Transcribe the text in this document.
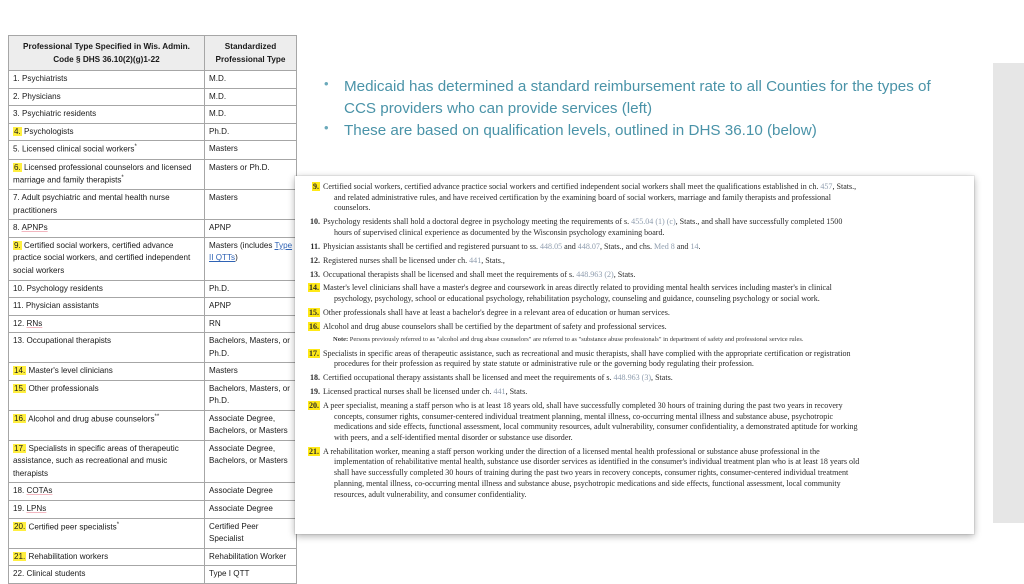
Professional Type Specified in Wis. Admin. Code § DHS 36.10(2)(g)1-22	Standardized Professional Type
1. Psychiatrists	M.D.
2. Physicians	M.D.
3. Psychiatric residents	M.D.
4. Psychologists	Ph.D.
5. Licensed clinical social workers*	Masters
6. Licensed professional counselors and licensed marriage and family therapists*	Masters or Ph.D.
7. Adult psychiatric and mental health nurse practitioners	Masters
8. APNPs	APNP
9. Certified social workers, certified advance practice social workers, and certified independent social workers	Masters (includes Type II QTTs)
10. Psychology residents	Ph.D.
11. Physician assistants	APNP
12. RNs	RN
13. Occupational therapists	Bachelors, Masters, or Ph.D.
14. Master's level clinicians	Masters
15. Other professionals	Bachelors, Masters, or Ph.D.
16. Alcohol and drug abuse counselors**	Associate Degree, Bachelors, or Masters
17. Specialists in specific areas of therapeutic assistance, such as recreational and music therapists	Associate Degree, Bachelors, or Masters
18. COTAs	Associate Degree
19. LPNs	Associate Degree
20. Certified peer specialists*	Certified Peer Specialist
21. Rehabilitation workers	Rehabilitation Worker
22. Clinical students	Type I QTT
• Medicaid has determined a standard reimbursement rate to all Counties for the types of CCS providers who can provide services (left)
• These are based on qualification levels, outlined in DHS 36.10 (below)
9. Certified social workers, certified advance practice social workers and certified independent social workers shall meet the qualifications established in ch. 457, Stats.,
and related administrative rules, and have received certification by the examining board of social workers, marriage and family therapists and professional
counselors.
10. Psychology residents shall hold a doctoral degree in psychology meeting the requirements of s. 455.04 (1) (c), Stats., and shall have successfully completed 1500
hours of supervised clinical experience as documented by the Wisconsin psychology examining board.
11. Physician assistants shall be certified and registered pursuant to ss. 448.05 and 448.07, Stats., and chs. Med 8 and 14.
12. Registered nurses shall be licensed under ch. 441, Stats.,
13. Occupational therapists shall be licensed and shall meet the requirements of s. 448.963 (2), Stats.
14. Master's level clinicians shall have a master's degree and coursework in areas directly related to providing mental health services including master's in clinical
psychology, psychology, school or educational psychology, rehabilitation psychology, counseling and guidance, counseling psychology or social work.
15. Other professionals shall have at least a bachelor's degree in a relevant area of education or human services.
16. Alcohol and drug abuse counselors shall be certified by the department of safety and professional services.
Note: Persons previously referred to as "alcohol and drug abuse counselors" are referred to as "substance abuse professionals" in department of safety and professional service rules.
17. Specialists in specific areas of therapeutic assistance, such as recreational and music therapists, shall have complied with the appropriate certification or registration
procedures for their profession as required by state statute or administrative rule or the governing body regulating their profession.
18. Certified occupational therapy assistants shall be licensed and meet the requirements of s. 448.963 (3), Stats.
19. Licensed practical nurses shall be licensed under ch. 441, Stats.
20. A peer specialist, meaning a staff person who is at least 18 years old, shall have successfully completed 30 hours of training during the past two years in recovery
concepts, consumer rights, consumer-centered individual treatment planning, mental illness, co-occurring mental illness and substance abuse, psychotropic
medications and side effects, functional assessment, local community resources, adult vulnerability, consumer confidentiality, a demonstrated aptitude for working
with peers, and a self-identified mental disorder or substance use disorder.
21. A rehabilitation worker, meaning a staff person working under the direction of a licensed mental health professional or substance abuse professional in the
implementation of rehabilitative mental health, substance use disorder services as identified in the consumer's individual treatment plan who is at least 18 years old
shall have successfully completed 30 hours of training during the past two years in recovery concepts, consumer rights, consumer-centered individual treatment
planning, mental illness, co-occurring mental illness and substance abuse, psychotropic medications and side effects, functional assessment, local community
resources, adult vulnerability, and consumer confidentiality.
